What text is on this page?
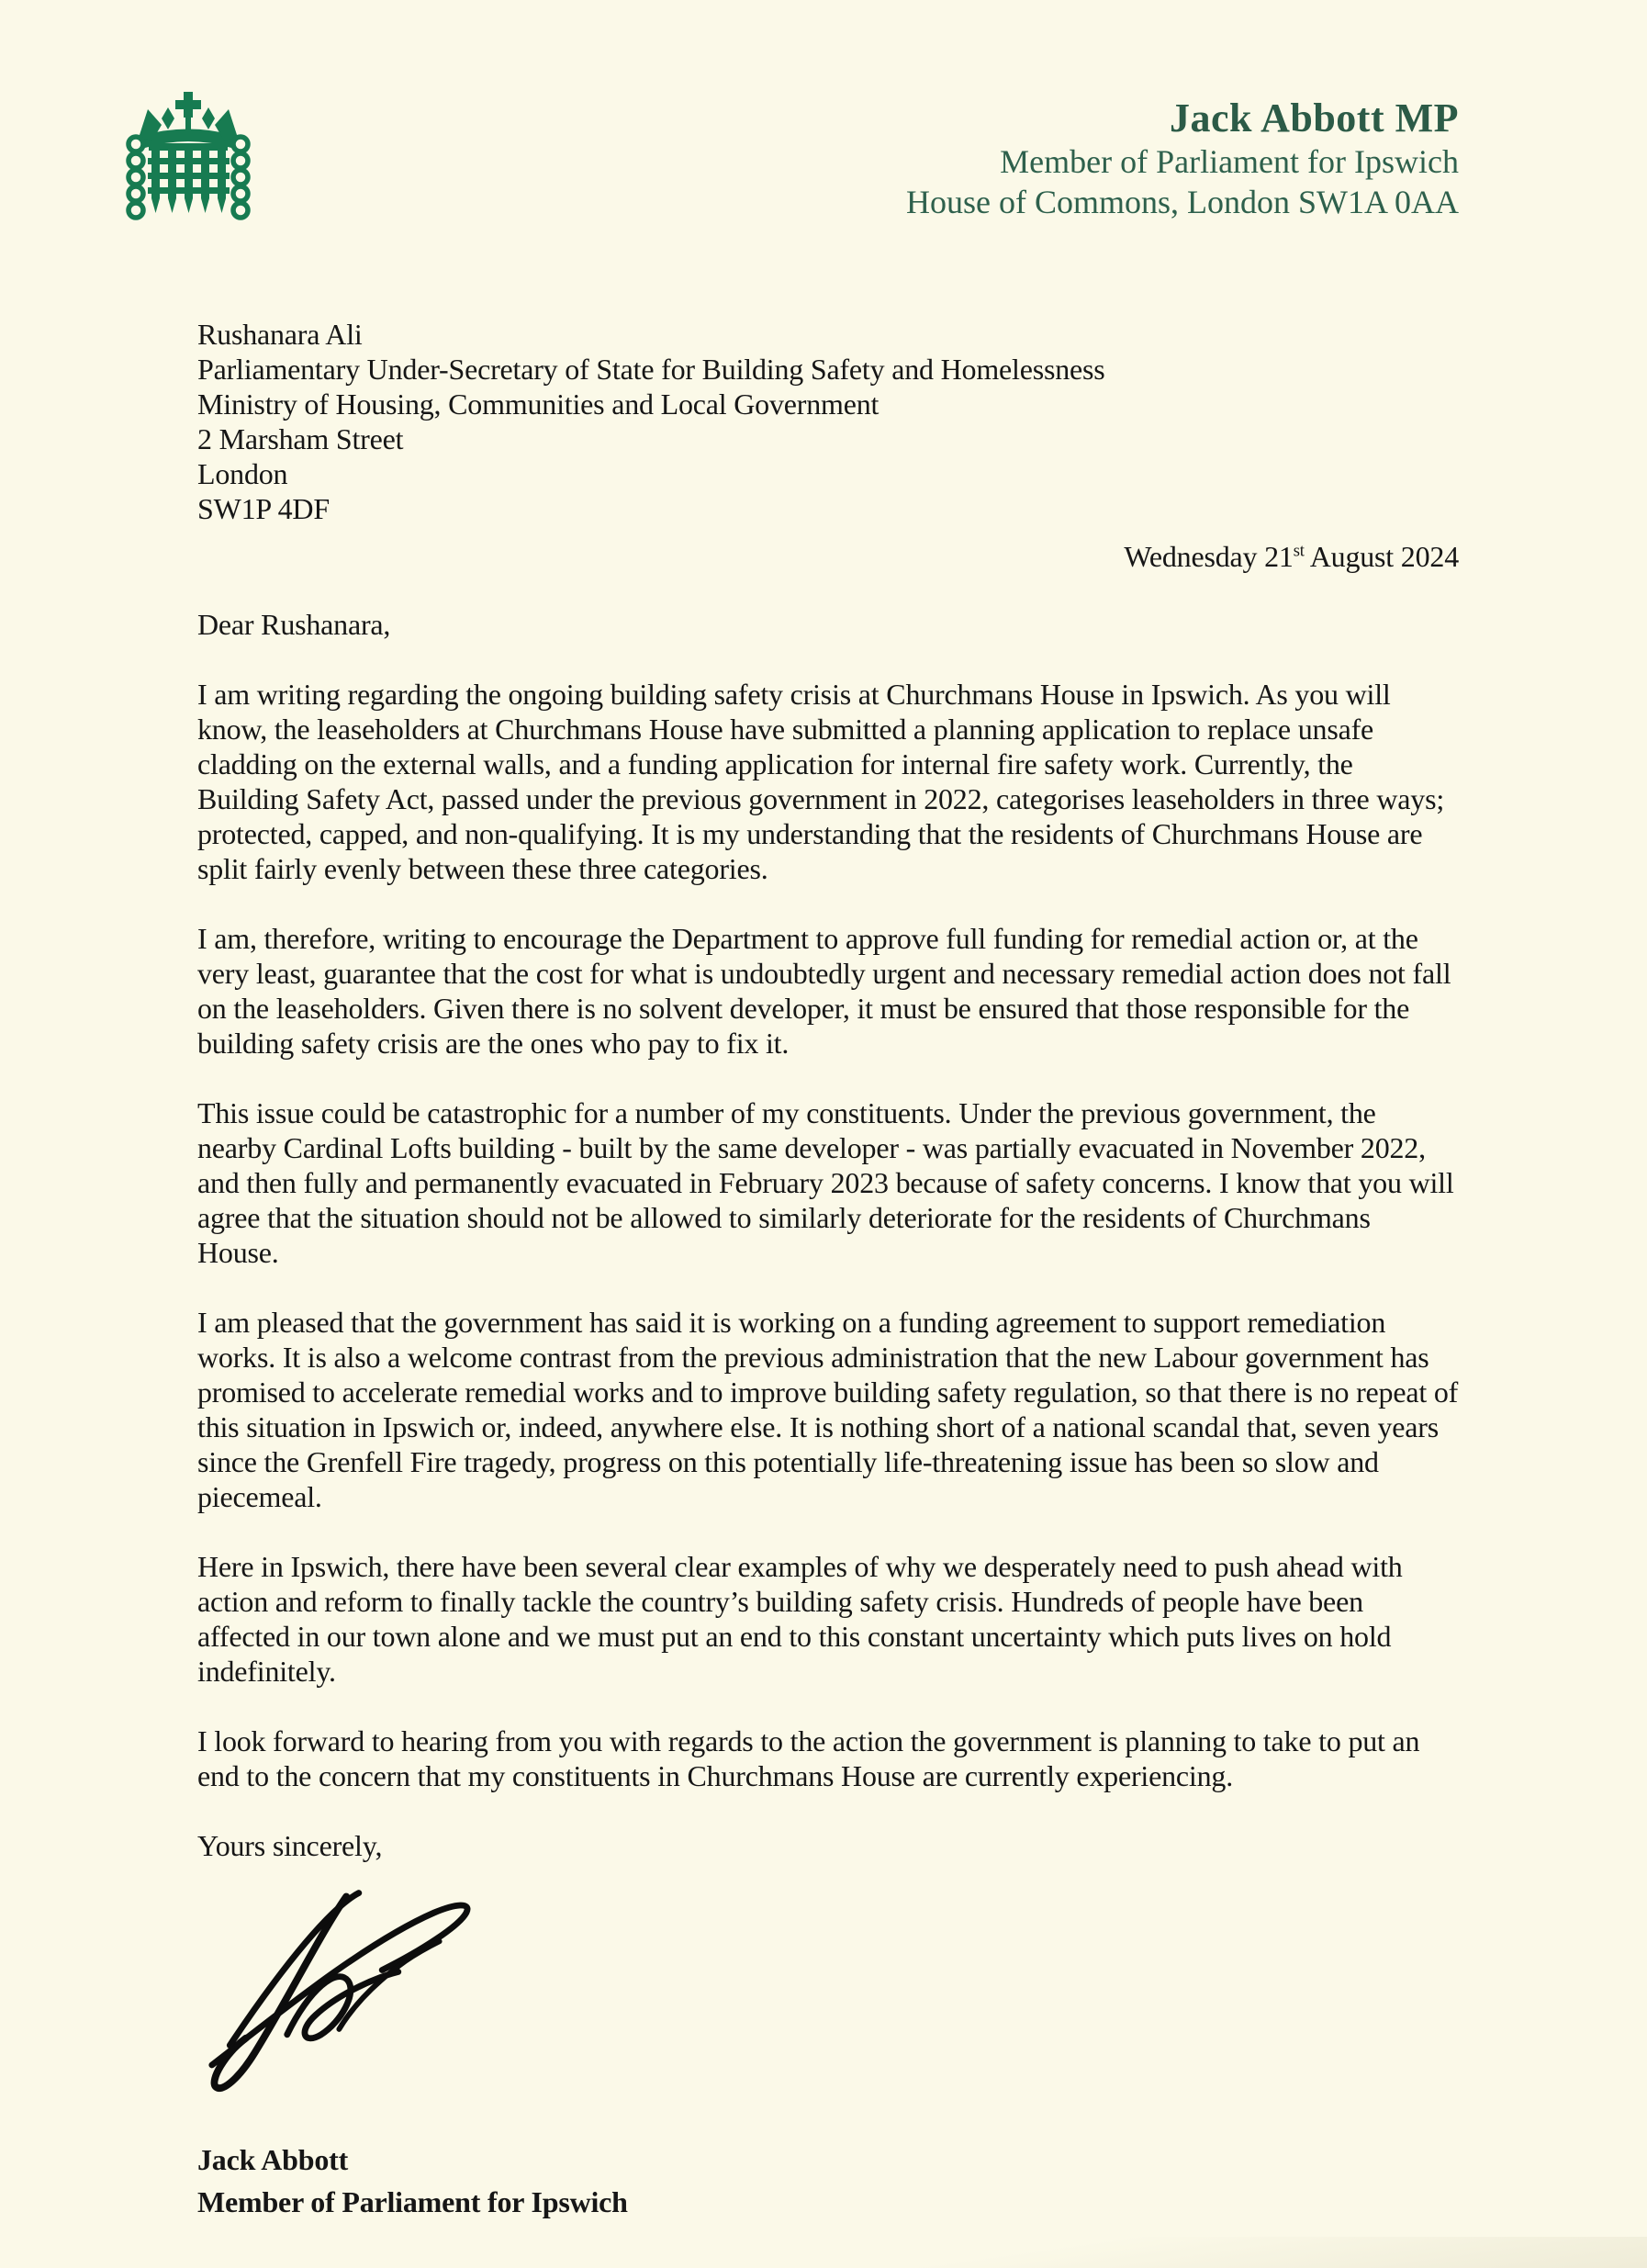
Jack Abbott MP
Member of Parliament for Ipswich
House of Commons, London SW1A 0AA
Rushanara Ali
Parliamentary Under-Secretary of State for Building Safety and Homelessness
Ministry of Housing, Communities and Local Government
2 Marsham Street
London
SW1P 4DF
Wednesday 21st August 2024

Dear Rushanara,

I am writing regarding the ongoing building safety crisis at Churchmans House in Ipswich. As you will know, the leaseholders at Churchmans House have submitted a planning application to replace unsafe cladding on the external walls, and a funding application for internal fire safety work. Currently, the Building Safety Act, passed under the previous government in 2022, categorises leaseholders in three ways; protected, capped, and non-qualifying. It is my understanding that the residents of Churchmans House are split fairly evenly between these three categories.

I am, therefore, writing to encourage the Department to approve full funding for remedial action or, at the very least, guarantee that the cost for what is undoubtedly urgent and necessary remedial action does not fall on the leaseholders. Given there is no solvent developer, it must be ensured that those responsible for the building safety crisis are the ones who pay to fix it.

This issue could be catastrophic for a number of my constituents. Under the previous government, the nearby Cardinal Lofts building - built by the same developer - was partially evacuated in November 2022, and then fully and permanently evacuated in February 2023 because of safety concerns. I know that you will agree that the situation should not be allowed to similarly deteriorate for the residents of Churchmans House.

I am pleased that the government has said it is working on a funding agreement to support remediation works. It is also a welcome contrast from the previous administration that the new Labour government has promised to accelerate remedial works and to improve building safety regulation, so that there is no repeat of this situation in Ipswich or, indeed, anywhere else. It is nothing short of a national scandal that, seven years since the Grenfell Fire tragedy, progress on this potentially life-threatening issue has been so slow and piecemeal.

Here in Ipswich, there have been several clear examples of why we desperately need to push ahead with action and reform to finally tackle the country’s building safety crisis. Hundreds of people have been affected in our town alone and we must put an end to this constant uncertainty which puts lives on hold indefinitely.

I look forward to hearing from you with regards to the action the government is planning to take to put an end to the concern that my constituents in Churchmans House are currently experiencing.

Yours sincerely,

Jack Abbott
Member of Parliament for Ipswich
